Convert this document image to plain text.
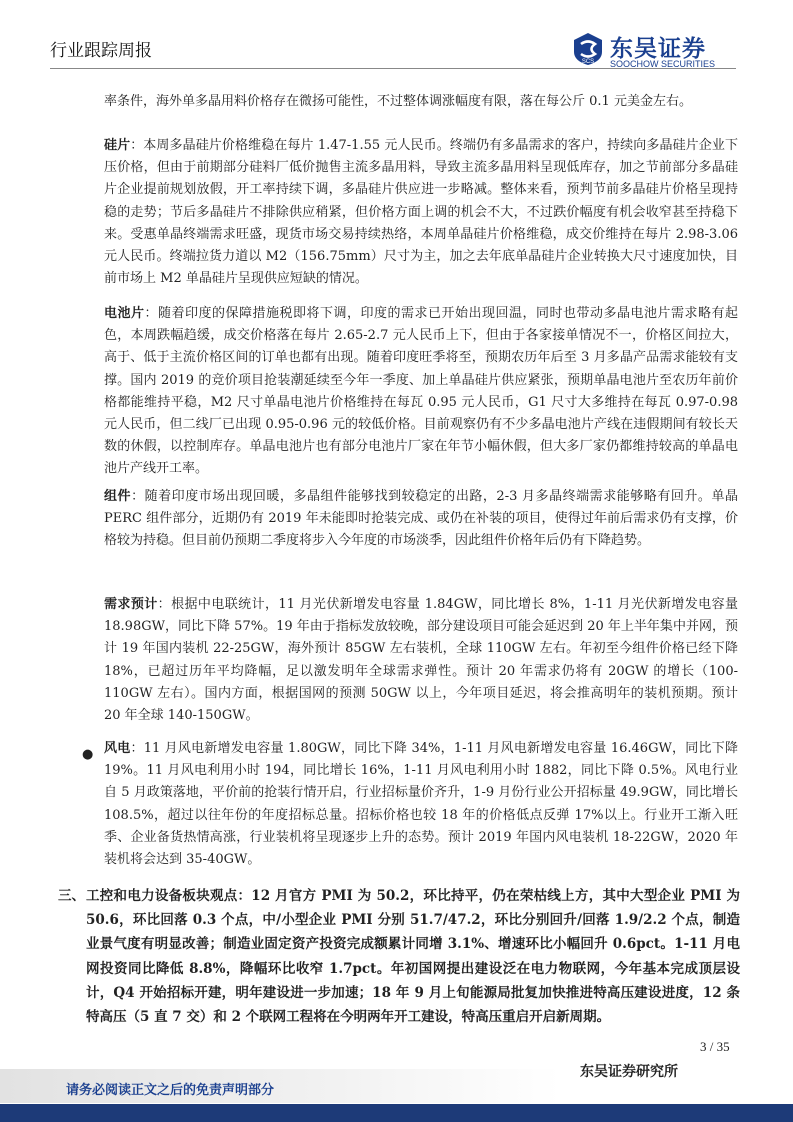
行业跟踪周报
SCS 东吴证券
SOOCHOW SECURITIES

率条件，海外单多晶用料价格存在微扬可能性，不过整体调涨幅度有限，落在每公斤 0.1 元美金左右。

硅片：本周多晶硅片价格维稳在每片 1.47-1.55 元人民币。终端仍有多晶需求的客户，持续向多晶硅片企业下压价格，但由于前期部分硅料厂低价抛售主流多晶用料，导致主流多晶用料呈现低库存，加之节前部分多晶硅片企业提前规划放假，开工率持续下调，多晶硅片供应进一步略减。整体来看，预判节前多晶硅片价格呈现持稳的走势；节后多晶硅片不排除供应稍紧，但价格方面上调的机会不大，不过跌价幅度有机会收窄甚至持稳下来。受惠单晶终端需求旺盛，现货市场交易持续热络，本周单晶硅片价格维稳，成交价维持在每片 2.98-3.06 元人民币。终端拉货力道以 M2（156.75mm）尺寸为主，加之去年底单晶硅片企业转换大尺寸速度加快，目前市场上 M2 单晶硅片呈现供应短缺的情况。

电池片：随着印度的保障措施税即将下调，印度的需求已开始出现回温，同时也带动多晶电池片需求略有起色，本周跌幅趋缓，成交价格落在每片 2.65-2.7 元人民币上下，但由于各家接单情况不一，价格区间拉大，高于、低于主流价格区间的订单也都有出现。随着印度旺季将至，预期农历年后至 3 月多晶产品需求能较有支撑。国内 2019 的竞价项目抢装潮延续至今年一季度、加上单晶硅片供应紧张，预期单晶电池片至农历年前价格都能维持平稳，M2 尺寸单晶电池片价格维持在每瓦 0.95 元人民币，G1 尺寸大多维持在每瓦 0.97-0.98 元人民币，但二线厂已出现 0.95-0.96 元的较低价格。目前观察仍有不少多晶电池片产线在违假期间有较长天数的休假，以控制库存。单晶电池片也有部分电池片厂家在年节小幅休假，但大多厂家仍都维持较高的单晶电池片产线开工率。

组件：随着印度市场出现回暖，多晶组件能够找到较稳定的出路，2-3 月多晶终端需求能够略有回升。单晶 PERC 组件部分，近期仍有 2019 年未能即时抢装完成、或仍在补装的项目，使得过年前后需求仍有支撑，价格较为持稳。但目前仍预期二季度将步入今年度的市场淡季，因此组件价格年后仍有下降趋势。

需求预计：根据中电联统计，11 月光伏新增发电容量 1.84GW，同比增长 8%，1-11 月光伏新增发电容量 18.98GW，同比下降 57%。19 年由于指标发放较晚，部分建设项目可能会延迟到 20 年上半年集中并网，预计 19 年国内装机 22-25GW，海外预计 85GW 左右装机，全球 110GW 左右。年初至今组件价格已经下降 18%，已超过历年平均降幅，足以激发明年全球需求弹性。预计 20 年需求仍将有 20GW 的增长（100-110GW 左右）。国内方面，根据国网的预测 50GW 以上，今年项目延迟，将会推高明年的装机预期。预计 20 年全球 140-150GW。

● 风电：11 月风电新增发电容量 1.80GW，同比下降 34%，1-11 月风电新增发电容量 16.46GW，同比下降 19%。11 月风电利用小时 194，同比增长 16%，1-11 月风电利用小时 1882，同比下降 0.5%。风电行业自 5 月政策落地，平价前的抢装行情开启，行业招标量价齐升，1-9 月份行业公开招标量 49.9GW，同比增长 108.5%，超过以往年份的年度招标总量。招标价格也较 18 年的价格低点反弹 17%以上。行业开工渐入旺季、企业备货热情高涨，行业装机将呈现逐步上升的态势。预计 2019 年国内风电装机 18-22GW，2020 年装机将会达到 35-40GW。

三、 工控和电力设备板块观点：12 月官方 PMI 为 50.2，环比持平，仍在荣枯线上方，其中大型企业 PMI 为 50.6，环比回落 0.3 个点，中/小型企业 PMI 分别 51.7/47.2，环比分别回升/回落 1.9/2.2 个点，制造业景气度有明显改善；制造业固定资产投资完成额累计同增 3.1%、增速环比小幅回升 0.6pct。1-11 月电网投资同比降低 8.8%，降幅环比收窄 1.7pct。年初国网提出建设泛在电力物联网，今年基本完成顶层设计，Q4 开始招标开建，明年建设进一步加速；18 年 9 月上旬能源局批复加快推进特高压建设进度，12 条特高压（5 直 7 交）和 2 个联网工程将在今明两年开工建设，特高压重启开启新周期。

3 / 35
东吴证券研究所
请务必阅读正文之后的免责声明部分
